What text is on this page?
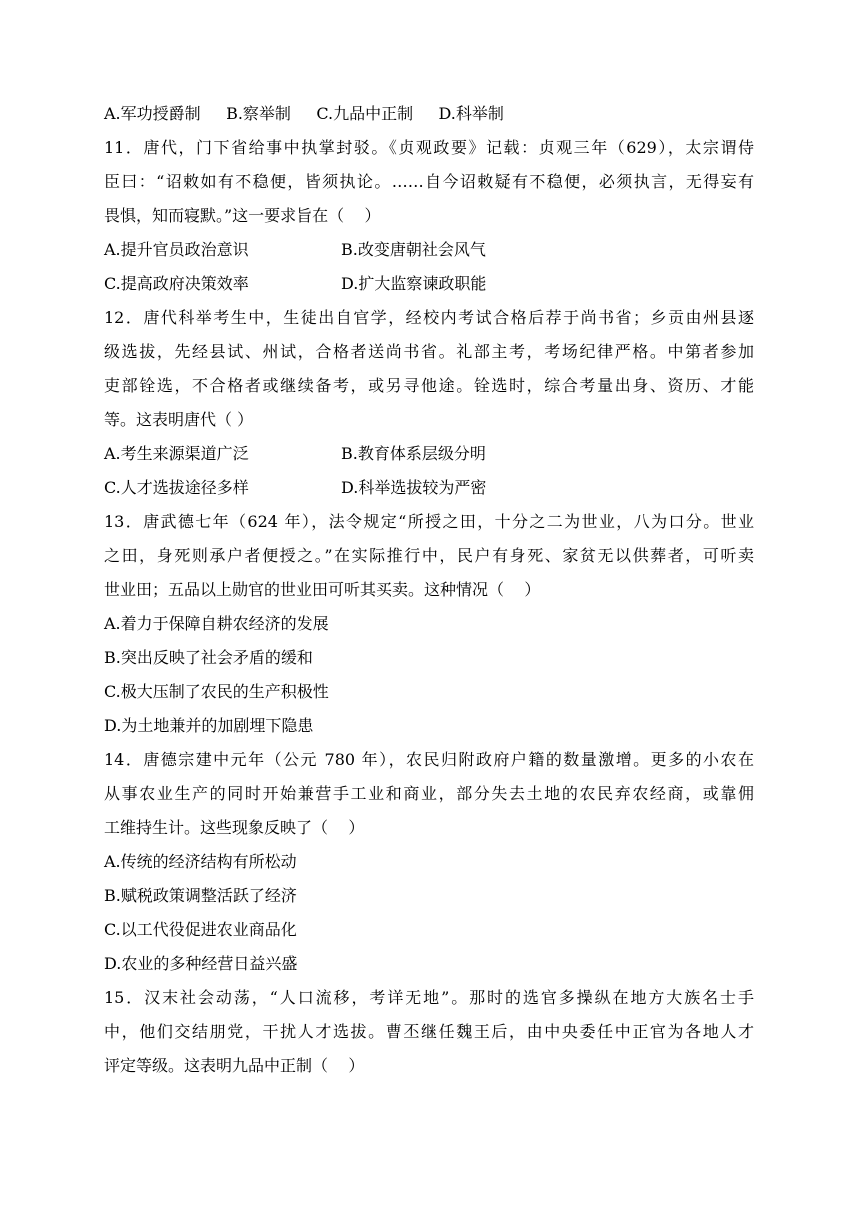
A.军功授爵制     B.察举制     C.九品中正制     D.科举制
11．唐代，门下省给事中执掌封驳。《贞观政要》记载：贞观三年（629），太宗谓侍
臣曰：“诏敕如有不稳便，皆须执论。……自今诏敕疑有不稳便，必须执言，无得妄有
畏惧，知而寝默。”这一要求旨在（    ）
A.提升官员政治意识	B.改变唐朝社会风气
C.提高政府决策效率	D.扩大监察谏政职能
12．唐代科举考生中，生徒出自官学，经校内考试合格后荐于尚书省；乡贡由州县逐
级选拔，先经县试、州试，合格者送尚书省。礼部主考，考场纪律严格。中第者参加
吏部铨选，不合格者或继续备考，或另寻他途。铨选时，综合考量出身、资历、才能
等。这表明唐代（ ）
A.考生来源渠道广泛	B.教育体系层级分明
C.人才选拔途径多样	D.科举选拔较为严密
13．唐武德七年（624 年），法令规定“所授之田，十分之二为世业，八为口分。世业
之田，身死则承户者便授之。”在实际推行中，民户有身死、家贫无以供葬者，可听卖
世业田；五品以上勋官的世业田可听其买卖。这种情况（    ）
A.着力于保障自耕农经济的发展
B.突出反映了社会矛盾的缓和
C.极大压制了农民的生产积极性
D.为土地兼并的加剧埋下隐患
14．唐德宗建中元年（公元 780 年），农民归附政府户籍的数量激增。更多的小农在
从事农业生产的同时开始兼营手工业和商业，部分失去土地的农民弃农经商，或靠佣
工维持生计。这些现象反映了（    ）
A.传统的经济结构有所松动
B.赋税政策调整活跃了经济
C.以工代役促进农业商品化
D.农业的多种经营日益兴盛
15．汉末社会动荡，“人口流移，考详无地”。那时的选官多操纵在地方大族名士手
中，他们交结朋党，干扰人才选拔。曹丕继任魏王后，由中央委任中正官为各地人才
评定等级。这表明九品中正制（    ）
